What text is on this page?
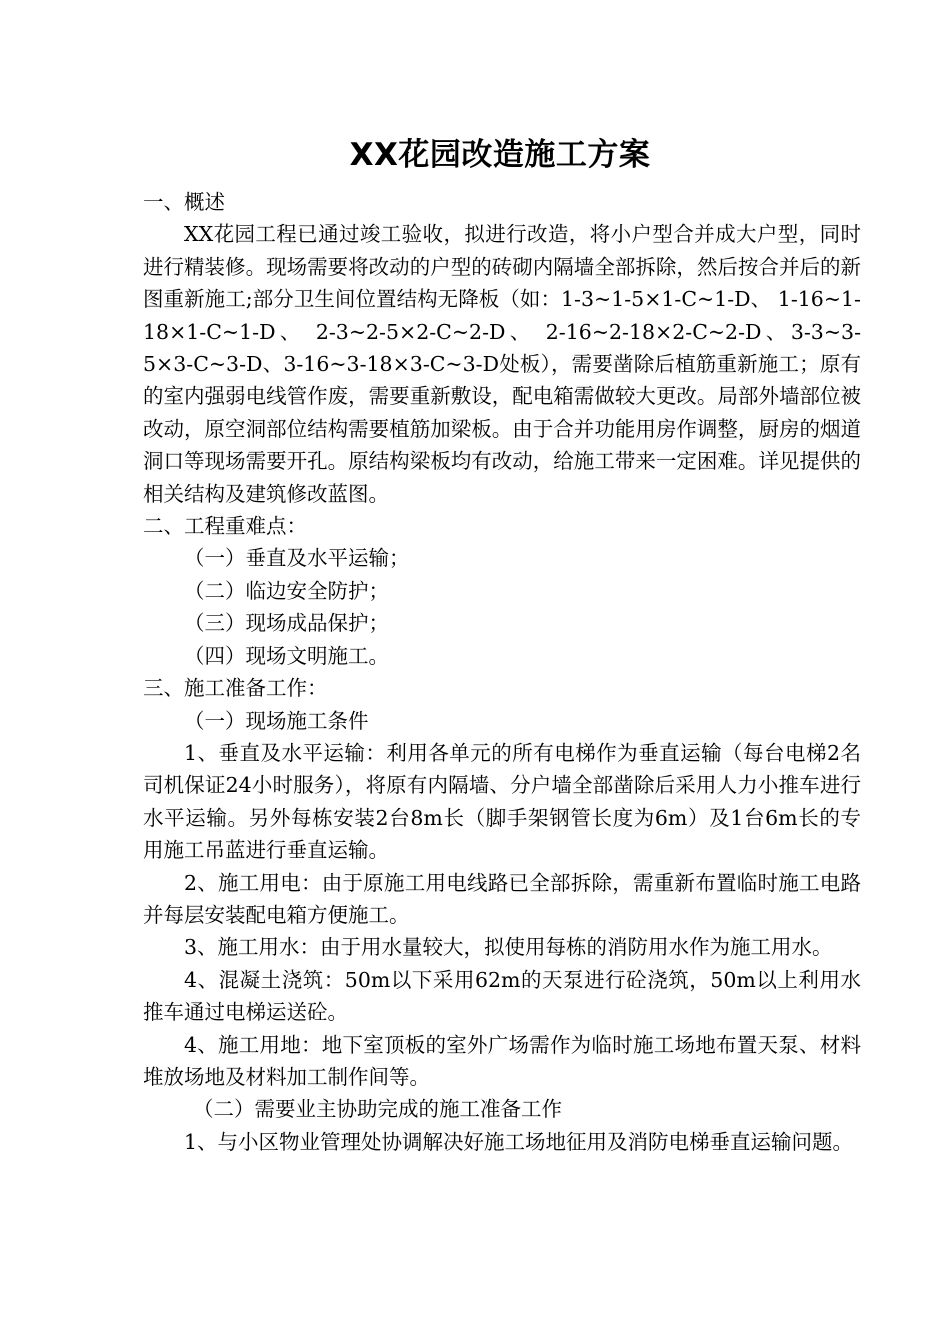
XX花园改造施工方案

一、概述

XX花园工程已通过竣工验收，拟进行改造，将小户型合并成大户型，同时进行精装修。现场需要将改动的户型的砖砌内隔墙全部拆除，然后按合并后的新图重新施工;部分卫生间位置结构无降板（如：1-3~1-5×1-C~1-D、 1-16~1-18×1-C~1-D、 2-3~2-5×2-C~2-D、 2-16~2-18×2-C~2-D、3-3~3-5×3-C~3-D、3-16~3-18×3-C~3-D处板），需要凿除后植筋重新施工；原有的室内强弱电线管作废，需要重新敷设，配电箱需做较大更改。局部外墙部位被改动，原空洞部位结构需要植筋加梁板。由于合并功能用房作调整，厨房的烟道洞口等现场需要开孔。原结构梁板均有改动，给施工带来一定困难。详见提供的相关结构及建筑修改蓝图。

二、工程重难点：

（一）垂直及水平运输；

（二）临边安全防护；

（三）现场成品保护；

（四）现场文明施工。

三、施工准备工作：

（一）现场施工条件

1、垂直及水平运输：利用各单元的所有电梯作为垂直运输（每台电梯2名司机保证24小时服务），将原有内隔墙、分户墙全部凿除后采用人力小推车进行水平运输。另外每栋安装2台8m长（脚手架钢管长度为6m）及1台6m长的专用施工吊蓝进行垂直运输。

2、施工用电：由于原施工用电线路已全部拆除，需重新布置临时施工电路并每层安装配电箱方便施工。

3、施工用水：由于用水量较大，拟使用每栋的消防用水作为施工用水。

4、混凝土浇筑：50m以下采用62m的天泵进行砼浇筑，50m以上利用水推车通过电梯运送砼。

4、施工用地：地下室顶板的室外广场需作为临时施工场地布置天泵、材料堆放场地及材料加工制作间等。

（二）需要业主协助完成的施工准备工作

1、与小区物业管理处协调解决好施工场地征用及消防电梯垂直运输问题。
